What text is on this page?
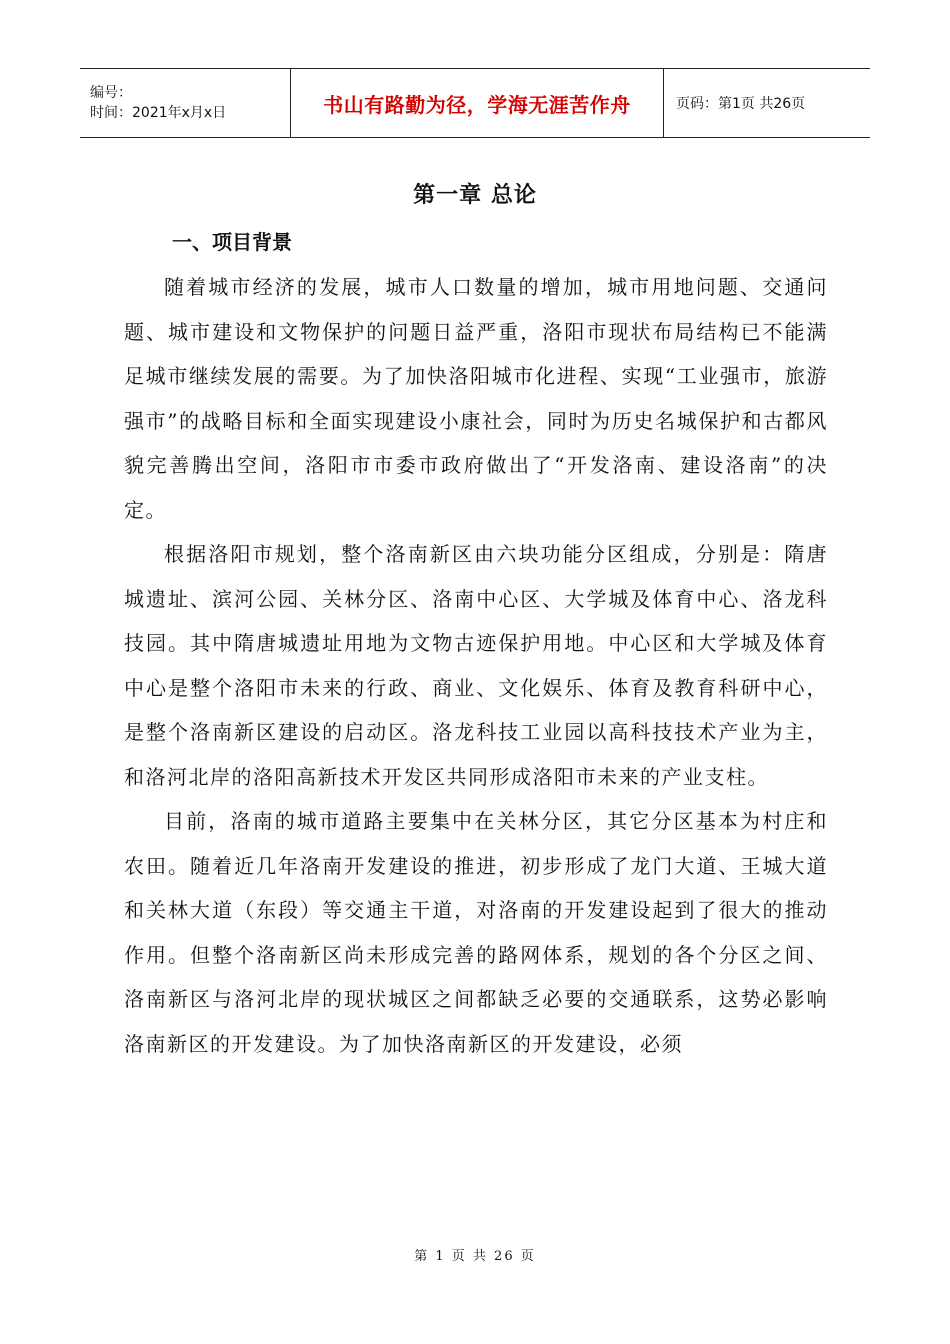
编号：
时间：2021年x月x日	书山有路勤为径，学海无涯苦作舟	页码：第1页 共26页
第一章 总论
一、项目背景

随着城市经济的发展，城市人口数量的增加，城市用地问题、交通问题、城市建设和文物保护的问题日益严重，洛阳市现状布局结构已不能满足城市继续发展的需要。为了加快洛阳城市化进程、实现“工业强市，旅游强市”的战略目标和全面实现建设小康社会，同时为历史名城保护和古都风貌完善腾出空间，洛阳市市委市政府做出了“开发洛南、建设洛南”的决定。

根据洛阳市规划，整个洛南新区由六块功能分区组成，分别是：隋唐城遗址、滨河公园、关林分区、洛南中心区、大学城及体育中心、洛龙科技园。其中隋唐城遗址用地为文物古迹保护用地。中心区和大学城及体育中心是整个洛阳市未来的行政、商业、文化娱乐、体育及教育科研中心，是整个洛南新区建设的启动区。洛龙科技工业园以高科技技术产业为主，和洛河北岸的洛阳高新技术开发区共同形成洛阳市未来的产业支柱。

目前，洛南的城市道路主要集中在关林分区，其它分区基本为村庄和农田。随着近几年洛南开发建设的推进，初步形成了龙门大道、王城大道和关林大道（东段）等交通主干道，对洛南的开发建设起到了很大的推动作用。但整个洛南新区尚未形成完善的路网体系，规划的各个分区之间、洛南新区与洛河北岸的现状城区之间都缺乏必要的交通联系，这势必影响洛南新区的开发建设。为了加快洛南新区的开发建设，必须

第 1 页 共 26 页
